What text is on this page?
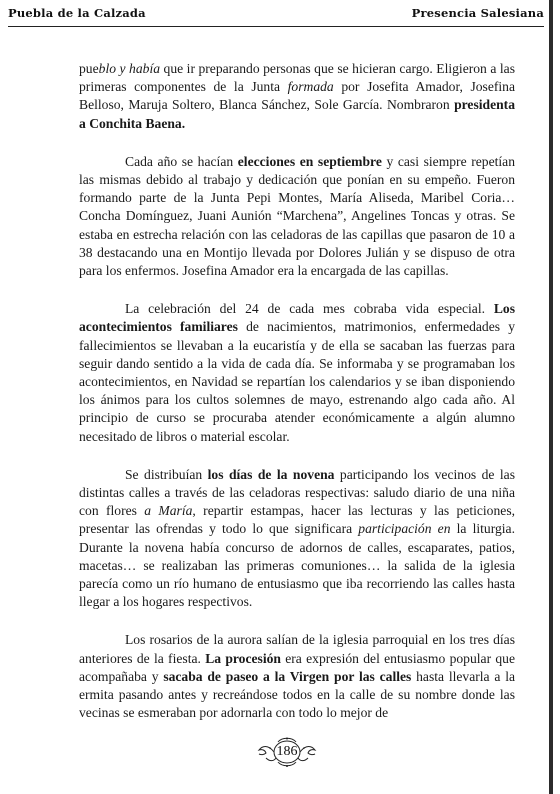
Puebla de la Calzada	Presencia Salesiana

pueblo y había que ir preparando personas que se hicieran cargo. Eligieron a las primeras componentes de la Junta formada por Josefita Amador, Josefina Belloso, Maruja Soltero, Blanca Sánchez, Sole García. Nombraron presidenta a Conchita Baena.

Cada año se hacían elecciones en septiembre y casi siempre repetían las mismas debido al trabajo y dedicación que ponían en su empeño. Fueron formando parte de la Junta Pepi Montes, María Aliseda, Maribel Coria… Concha Domínguez, Juani Aunión “Marchena”, Angelines Toncas y otras. Se estaba en estrecha relación con las celadoras de las capillas que pasaron de 10 a 38 destacando una en Montijo llevada por Dolores Julián y se dispuso de otra para los enfermos. Josefina Amador era la encargada de las capillas.

La celebración del 24 de cada mes cobraba vida especial. Los acontecimientos familiares de nacimientos, matrimonios, enfermedades y fallecimientos se llevaban a la eucaristía y de ella se sacaban las fuerzas para seguir dando sentido a la vida de cada día. Se informaba y se programaban los acontecimientos, en Navidad se repartían los calendarios y se iban disponiendo los ánimos para los cultos solemnes de mayo, estrenando algo cada año. Al principio de curso se procuraba atender económicamente a algún alumno necesitado de libros o material escolar.

Se distribuían los días de la novena participando los vecinos de las distintas calles a través de las celadoras respectivas: saludo diario de una niña con flores a María, repartir estampas, hacer las lecturas y las peticiones, presentar las ofrendas y todo lo que significara participación en la liturgia. Durante la novena había concurso de adornos de calles, escaparates, patios, macetas… se realizaban las primeras comuniones… la salida de la iglesia parecía como un río humano de entusiasmo que iba recorriendo las calles hasta llegar a los hogares respectivos.

Los rosarios de la aurora salían de la iglesia parroquial en los tres días anteriores de la fiesta. La procesión era expresión del entusiasmo popular que acompañaba y sacaba de paseo a la Virgen por las calles hasta llevarla a la ermita pasando antes y recreándose todos en la calle de su nombre donde las vecinas se esmeraban por adornarla con todo lo mejor de

186
